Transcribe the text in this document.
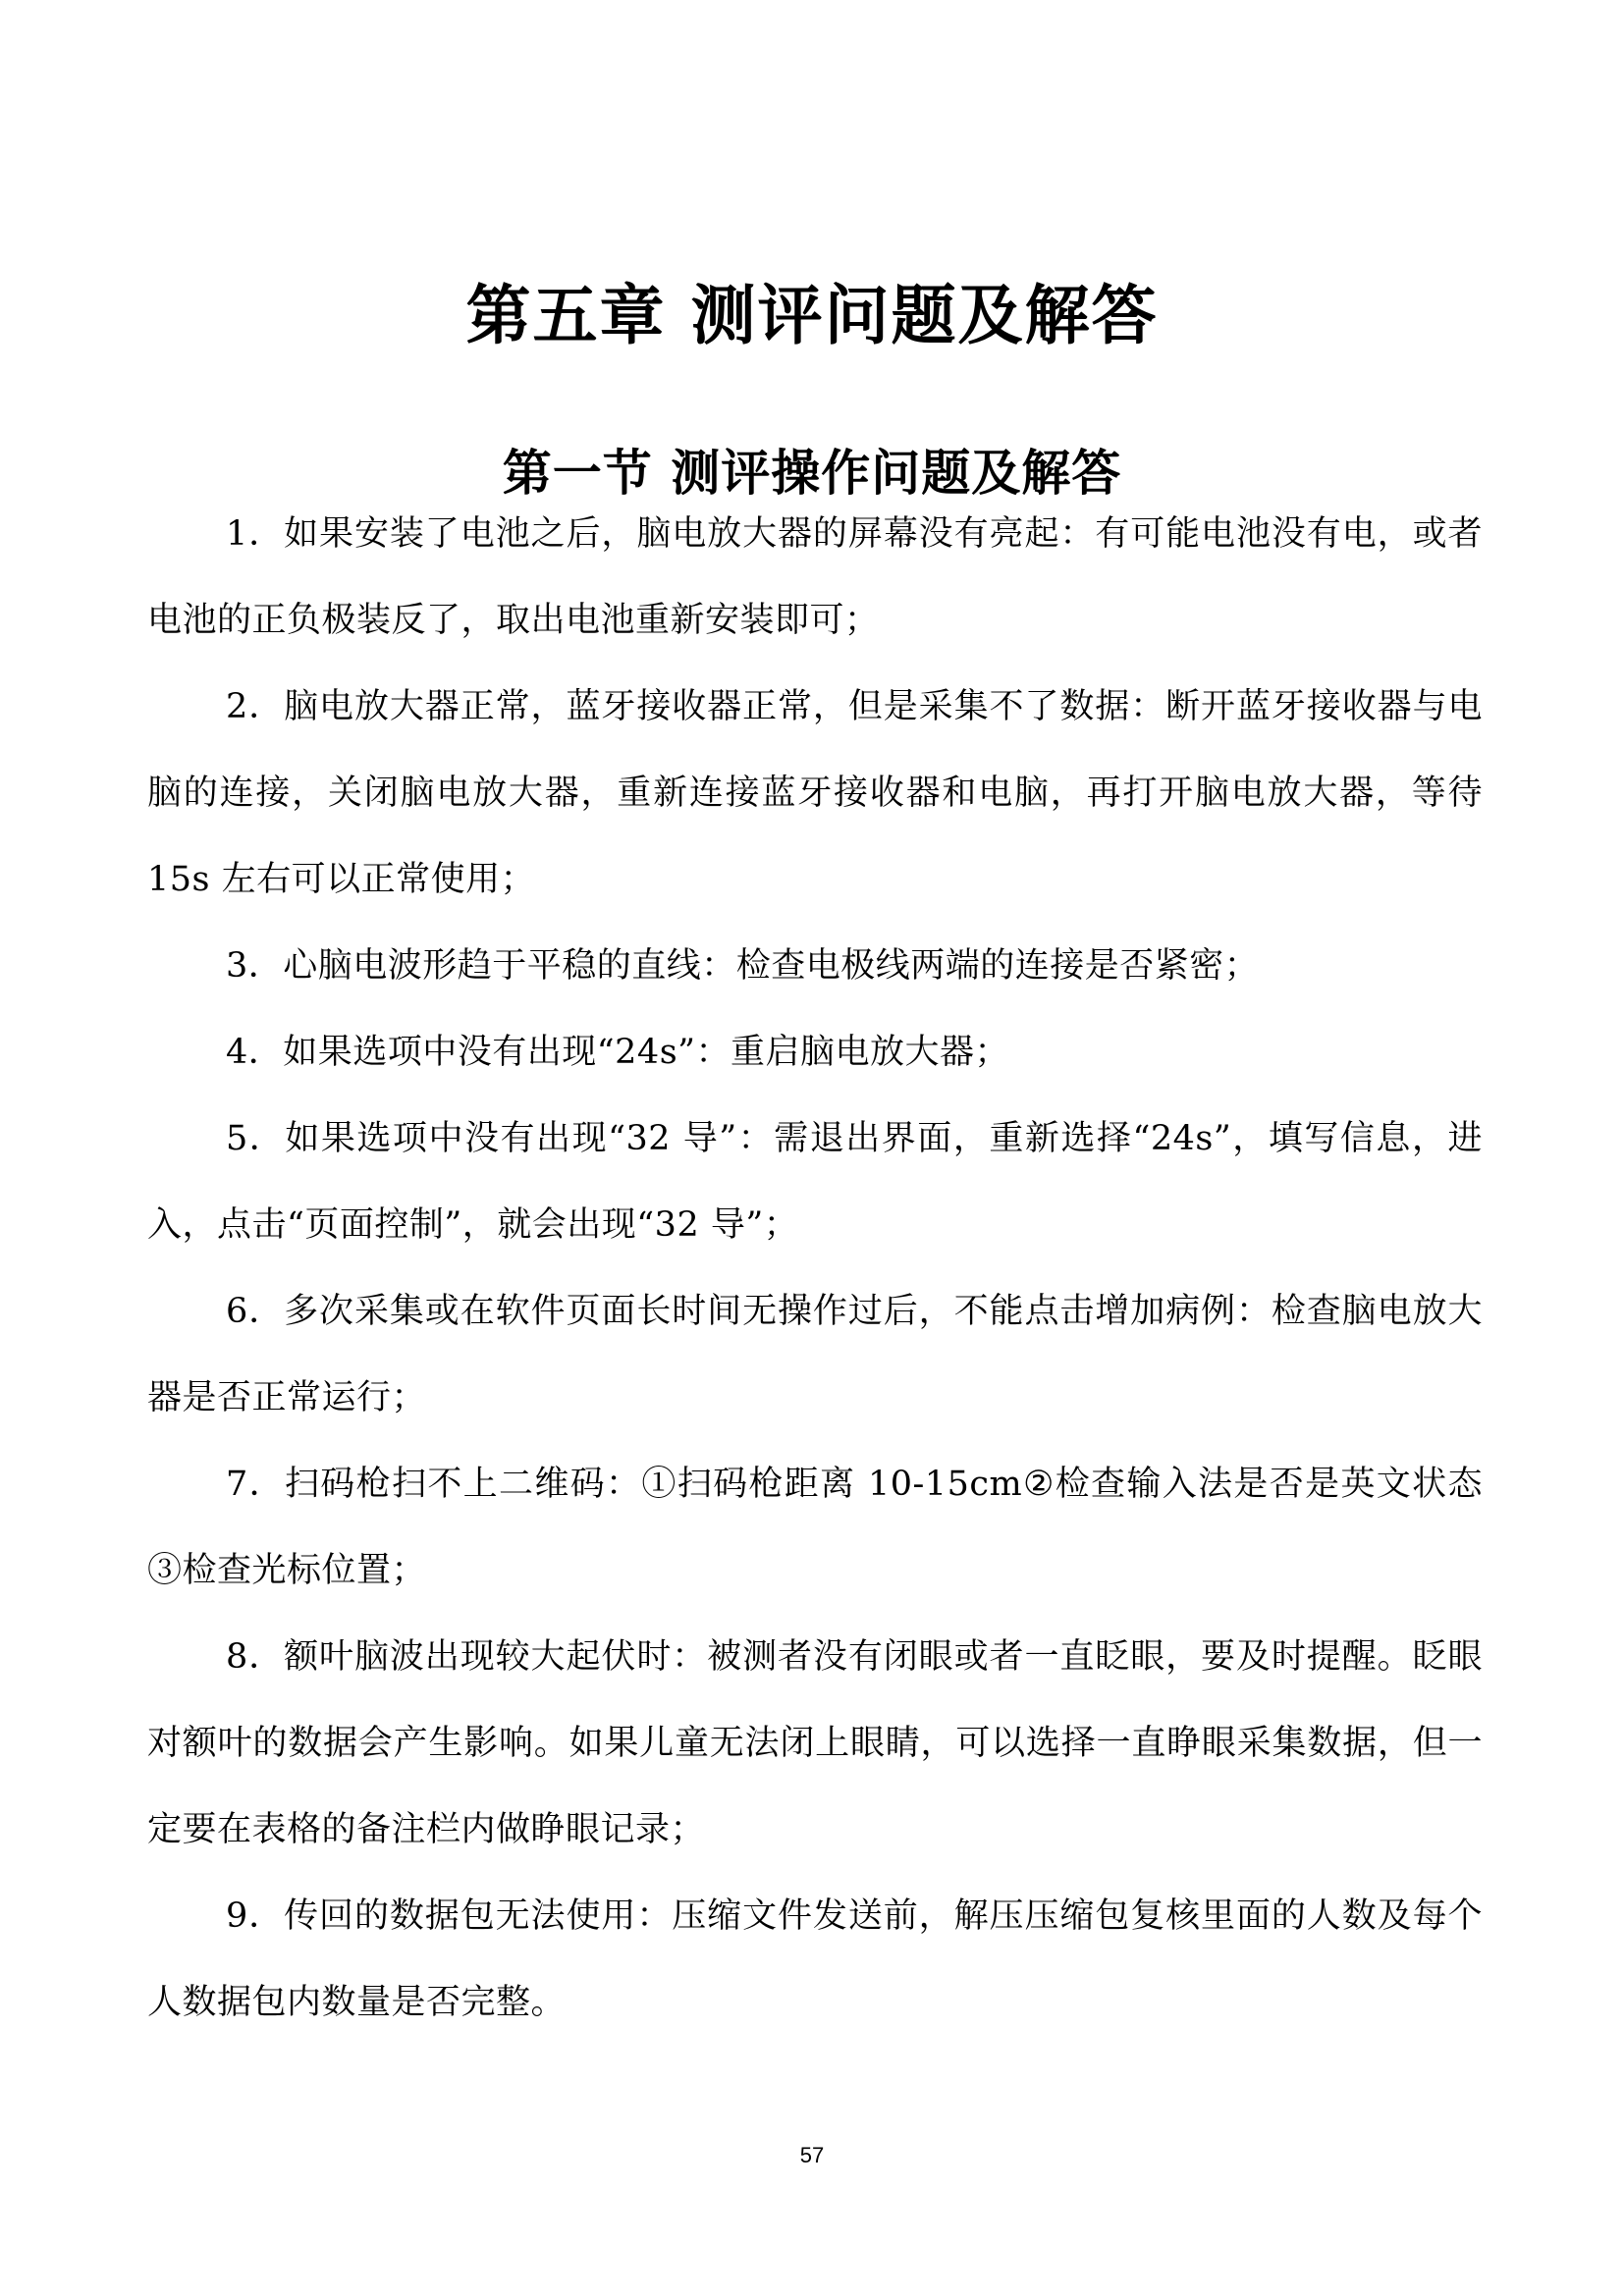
第五章 测评问题及解答
第一节 测评操作问题及解答

1．如果安装了电池之后，脑电放大器的屏幕没有亮起：有可能电池没有电，或者电池的正负极装反了，取出电池重新安装即可；

2．脑电放大器正常，蓝牙接收器正常，但是采集不了数据：断开蓝牙接收器与电脑的连接，关闭脑电放大器，重新连接蓝牙接收器和电脑，再打开脑电放大器，等待 15s 左右可以正常使用；

3．心脑电波形趋于平稳的直线：检查电极线两端的连接是否紧密；

4．如果选项中没有出现“24s”：重启脑电放大器；

5．如果选项中没有出现“32 导”：需退出界面，重新选择“24s”，填写信息，进入，点击“页面控制”，就会出现“32 导”；

6．多次采集或在软件页面长时间无操作过后，不能点击增加病例：检查脑电放大器是否正常运行；

7．扫码枪扫不上二维码：①扫码枪距离 10-15cm②检查输入法是否是英文状态③检查光标位置；

8．额叶脑波出现较大起伏时：被测者没有闭眼或者一直眨眼，要及时提醒。眨眼对额叶的数据会产生影响。如果儿童无法闭上眼睛，可以选择一直睁眼采集数据，但一定要在表格的备注栏内做睁眼记录；

9．传回的数据包无法使用：压缩文件发送前，解压压缩包复核里面的人数及每个人数据包内数量是否完整。

57
